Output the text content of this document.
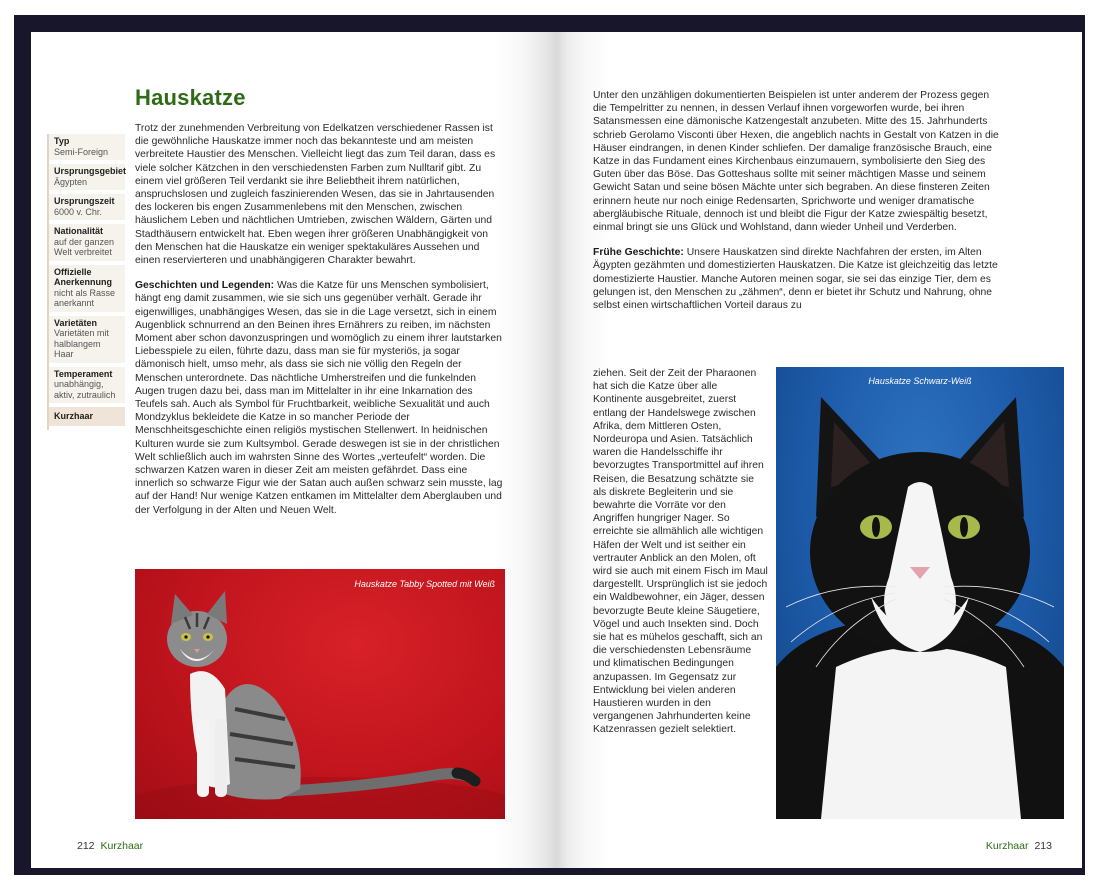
Hauskatze
Typ
Semi-Foreign
Ursprungsgebiet
Ägypten
Ursprungszeit
6000 v. Chr.
Nationalität
auf der ganzen Welt verbreitet
Offizielle Anerkennung
nicht als Rasse anerkannt
Varietäten
Varietäten mit halblangem Haar
Temperament
unabhängig, aktiv, zutraulich
Kurzhaar

Trotz der zunehmenden Verbreitung von Edelkatzen verschiedener Rassen ist die gewöhnliche Hauskatze immer noch das bekannteste und am meisten verbreitete Haustier des Menschen. Vielleicht liegt das zum Teil daran, dass es viele solcher Kätzchen in den verschiedensten Farben zum Nulltarif gibt. Zu einem viel größeren Teil verdankt sie ihre Beliebtheit ihrem natürlichen, anspruchslosen und zugleich faszinierenden Wesen, das sie in Jahrtausenden des lockeren bis engen Zusammenlebens mit den Menschen, zwischen häuslichem Leben und nächtlichen Umtrieben, zwischen Wäldern, Gärten und Stadthäusern entwickelt hat. Eben wegen ihrer größeren Unabhängigkeit von den Menschen hat die Hauskatze ein weniger spektakuläres Aussehen und einen reservierteren und unabhängigeren Charakter bewahrt.

Geschichten und Legenden: Was die Katze für uns Menschen symbolisiert, hängt eng damit zusammen, wie sie sich uns gegenüber verhält. Gerade ihr eigenwilliges, unabhängiges Wesen, das sie in die Lage versetzt, sich in einem Augenblick schnurrend an den Beinen ihres Ernährers zu reiben, im nächsten Moment aber schon davonzuspringen und womöglich zu einem ihrer lautstarken Liebesspiele zu eilen, führte dazu, dass man sie für mysteriös, ja sogar dämonisch hielt, umso mehr, als dass sie sich nie völlig den Regeln der Menschen unterordnete. Das nächtliche Umherstreifen und die funkelnden Augen trugen dazu bei, dass man im Mittelalter in ihr eine Inkarnation des Teufels sah. Auch als Symbol für Fruchtbarkeit, weibliche Sexualität und auch Mondzyklus bekleidete die Katze in so mancher Periode der Menschheitsgeschichte einen religiös mystischen Stellenwert. In heidnischen Kulturen wurde sie zum Kultsymbol. Gerade deswegen ist sie in der christlichen Welt schließlich auch im wahrsten Sinne des Wortes „verteufelt“ worden. Die schwarzen Katzen waren in dieser Zeit am meisten gefährdet. Dass eine innerlich so schwarze Figur wie der Satan auch außen schwarz sein musste, lag auf der Hand! Nur wenige Katzen entkamen im Mittelalter dem Aberglauben und der Verfolgung in der Alten und Neuen Welt.

Hauskatze Tabby Spotted mit Weiß
212 Kurzhaar

Unter den unzähligen dokumentierten Beispielen ist unter anderem der Prozess gegen die Tempelritter zu nennen, in dessen Verlauf ihnen vorgeworfen wurde, bei ihren Satansmessen eine dämonische Katzengestalt anzubeten. Mitte des 15. Jahrhunderts schrieb Gerolamo Visconti über Hexen, die angeblich nachts in Gestalt von Katzen in die Häuser eindrangen, in denen Kinder schliefen. Der damalige französische Brauch, eine Katze in das Fundament eines Kirchenbaus einzumauern, symbolisierte den Sieg des Guten über das Böse. Das Gotteshaus sollte mit seiner mächtigen Masse und seinem Gewicht Satan und seine bösen Mächte unter sich begraben. An diese finsteren Zeiten erinnern heute nur noch einige Redensarten, Sprichworte und weniger dramatische abergläubische Rituale, dennoch ist und bleibt die Figur der Katze zwiespältig besetzt, einmal bringt sie uns Glück und Wohlstand, dann wieder Unheil und Verderben.

Frühe Geschichte: Unsere Hauskatzen sind direkte Nachfahren der ersten, im Alten Ägypten gezähmten und domestizierten Hauskatzen. Die Katze ist gleichzeitig das letzte domestizierte Haustier. Manche Autoren meinen sogar, sie sei das einzige Tier, dem es gelungen ist, den Menschen zu „zähmen“, denn er bietet ihr Schutz und Nahrung, ohne selbst einen wirtschaftlichen Vorteil daraus zu

ziehen. Seit der Zeit der Pharaonen hat sich die Katze über alle Kontinente ausgebreitet, zuerst entlang der Handelswege zwischen Afrika, dem Mittleren Osten, Nordeuropa und Asien. Tatsächlich waren die Handelsschiffe ihr bevorzugtes Transportmittel auf ihren Reisen, die Besatzung schätzte sie als diskrete Begleiterin und sie bewahrte die Vorräte vor den Angriffen hungriger Nager. So erreichte sie allmählich alle wichtigen Häfen der Welt und ist seither ein vertrauter Anblick an den Molen, oft wird sie auch mit einem Fisch im Maul dargestellt. Ursprünglich ist sie jedoch ein Waldbewohner, ein Jäger, dessen bevorzugte Beute kleine Säugetiere, Vögel und auch Insekten sind. Doch sie hat es mühelos geschafft, sich an die verschiedensten Lebensräume und klimatischen Bedingungen anzupassen. Im Gegensatz zur Entwicklung bei vielen anderen Haustieren wurden in den vergangenen Jahrhunderten keine Katzenrassen gezielt selektiert.

Hauskatze Schwarz-Weiß
Kurzhaar 213
